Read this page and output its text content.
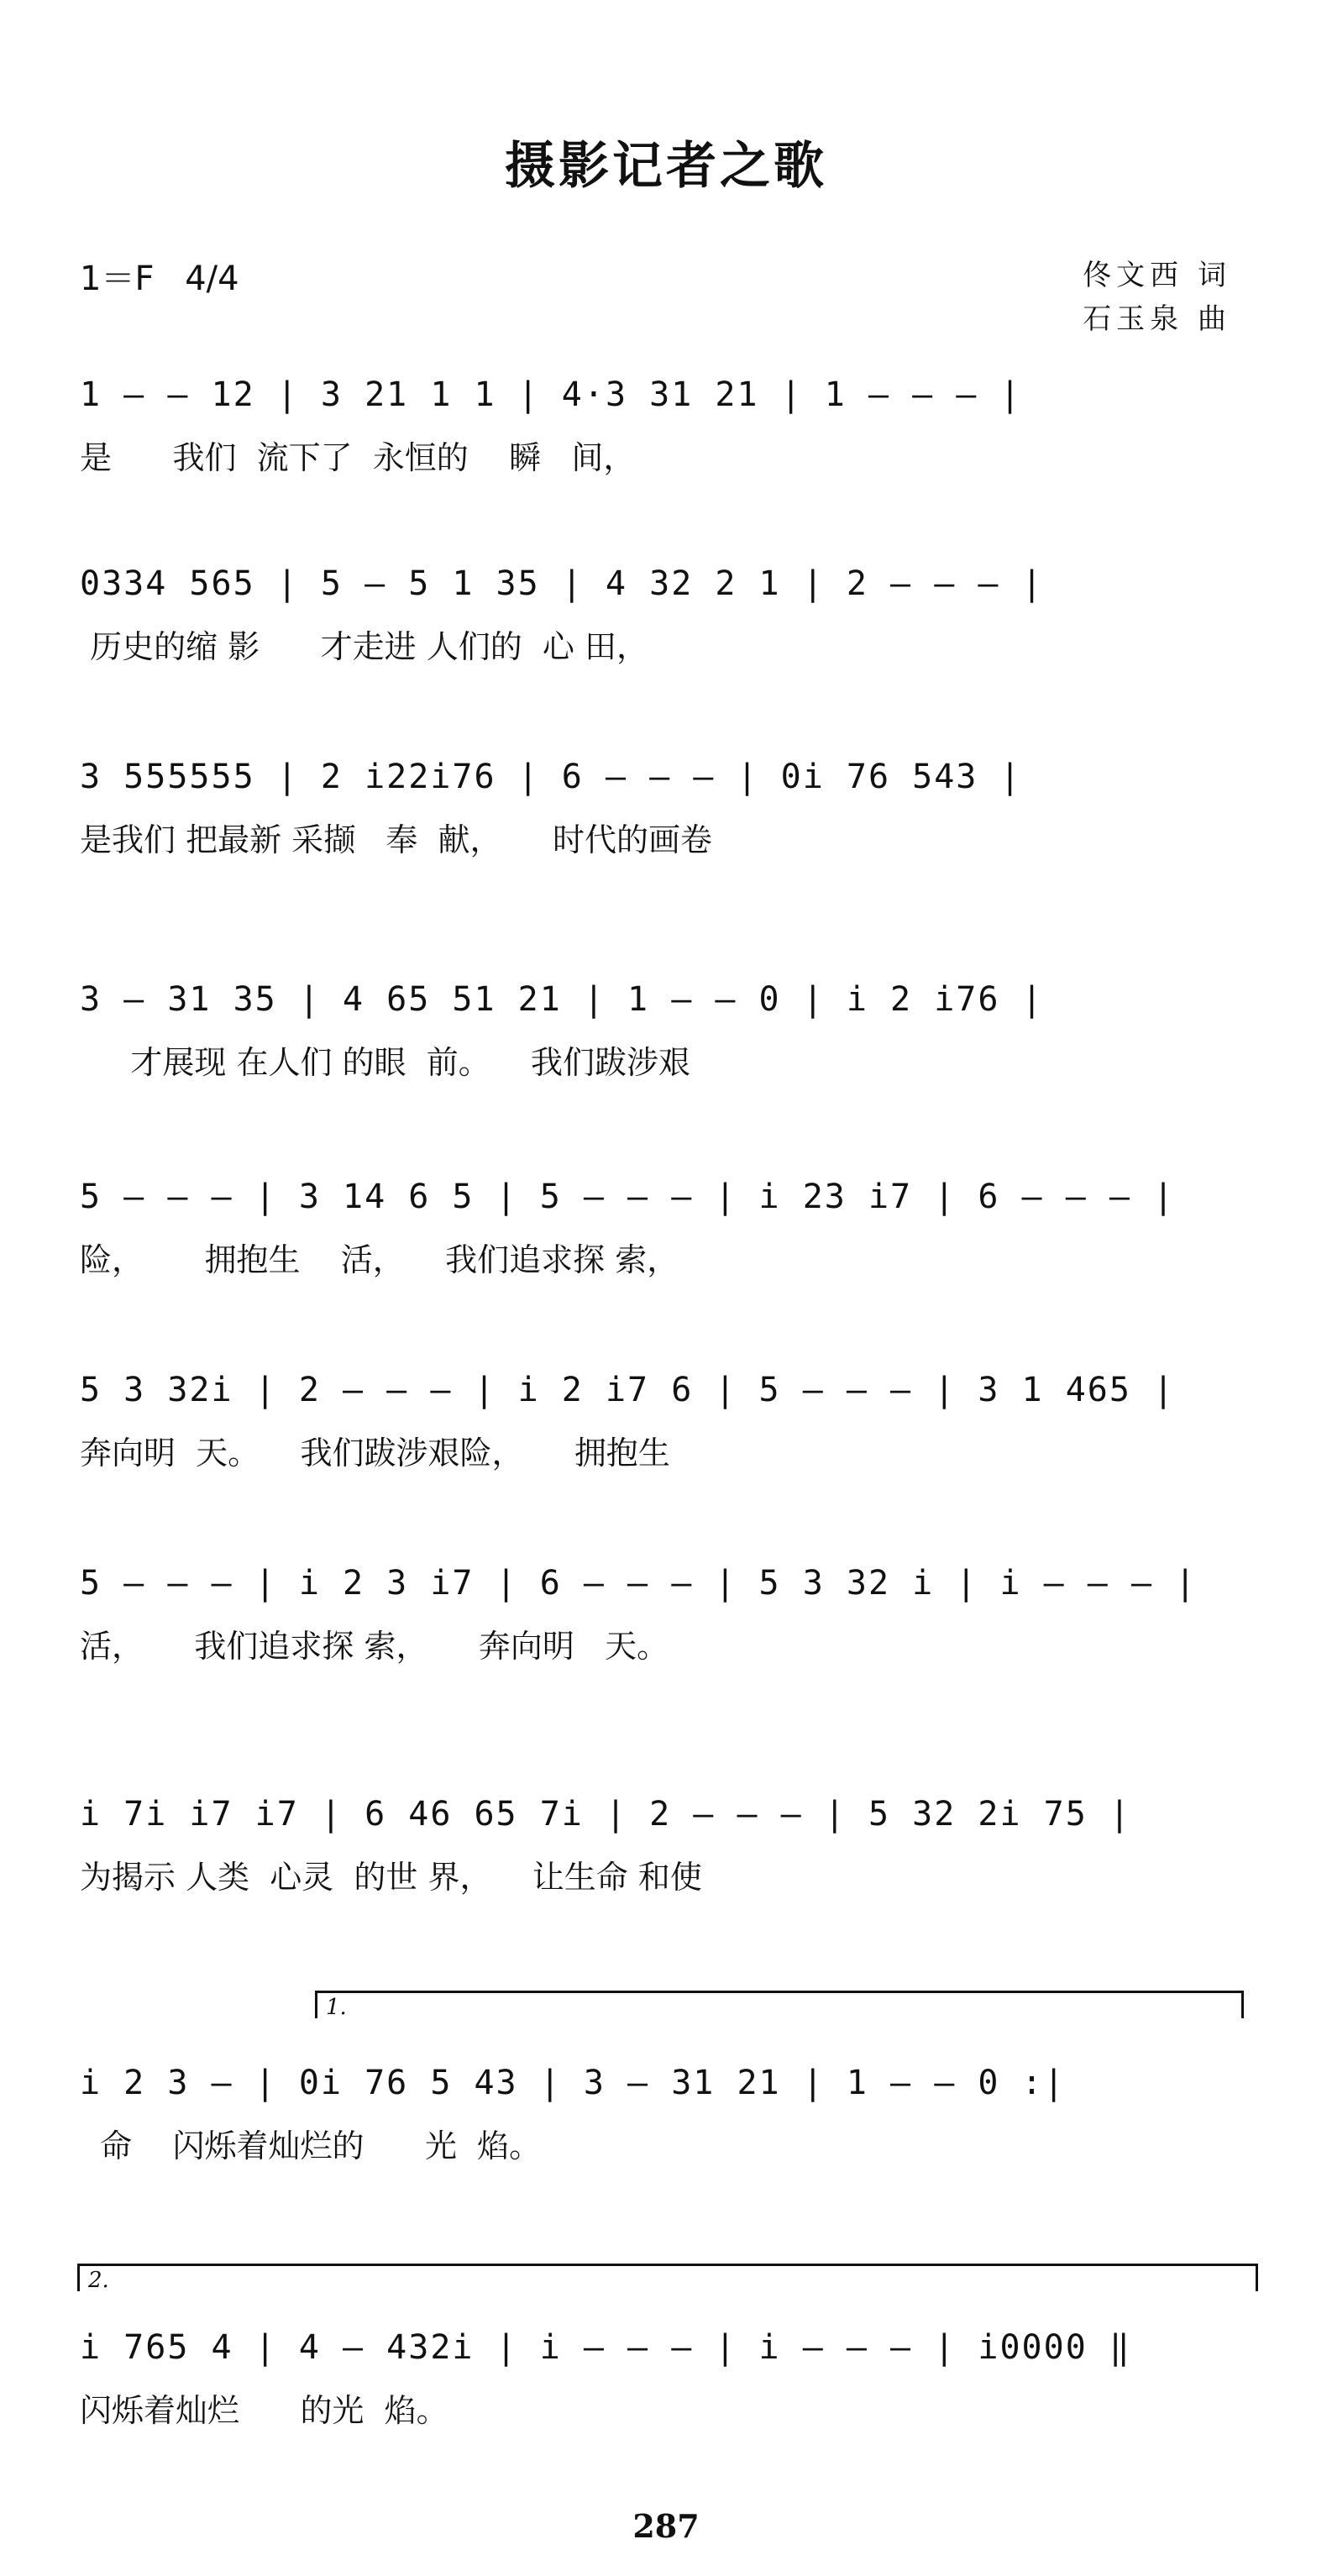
摄影记者之歌
1＝F 4/4	佟文西 词
石玉泉 曲
1 — — 12 | 3 21 1 1 | 4·3 31 21 | 1 — — — |
是      我们  流下了  永恒的    瞬   间，
0334 565 | 5 — 5 1 35 | 4 32 2 1 | 2 — — — |
历史的缩 影      才走进 人们的  心 田，
3 555555 | 2 i22i76 | 6 — — — | 0i 76 543 |
是我们 把最新 采撷   奉  献，     时代的画卷
3 — 31 35 | 4 65 51 21 | 1 — — 0 | i 2 i76 |
才展现 在人们 的眼  前。    我们跋涉艰
5 — — — | 3 14 6 5 | 5 — — — | i 23 i7 | 6 — — — |
险，      拥抱生    活，    我们追求探 索，
5 3 32i | 2 — — — | i 2 i7 6 | 5 — — — | 3 1 465 |
奔向明  天。    我们跋涉艰险，     拥抱生
5 — — — | i 2 3 i7 | 6 — — — | 5 3 32 i | i — — — |
活，     我们追求探 索，     奔向明   天。
i 7i i7 i7 | 6 46 65 7i | 2 — — — | 5 32 2i 75 |
为揭示 人类  心灵  的世 界，    让生命 和使
1.
i 2 3 — | 0i 76 5 43 | 3 — 31 21 | 1 — — 0 :|
命    闪烁着灿烂的      光  焰。
2.
i 765 4 | 4 — 432i | i — — — | i — — — | i0000 ‖
闪烁着灿烂      的光  焰。
287
